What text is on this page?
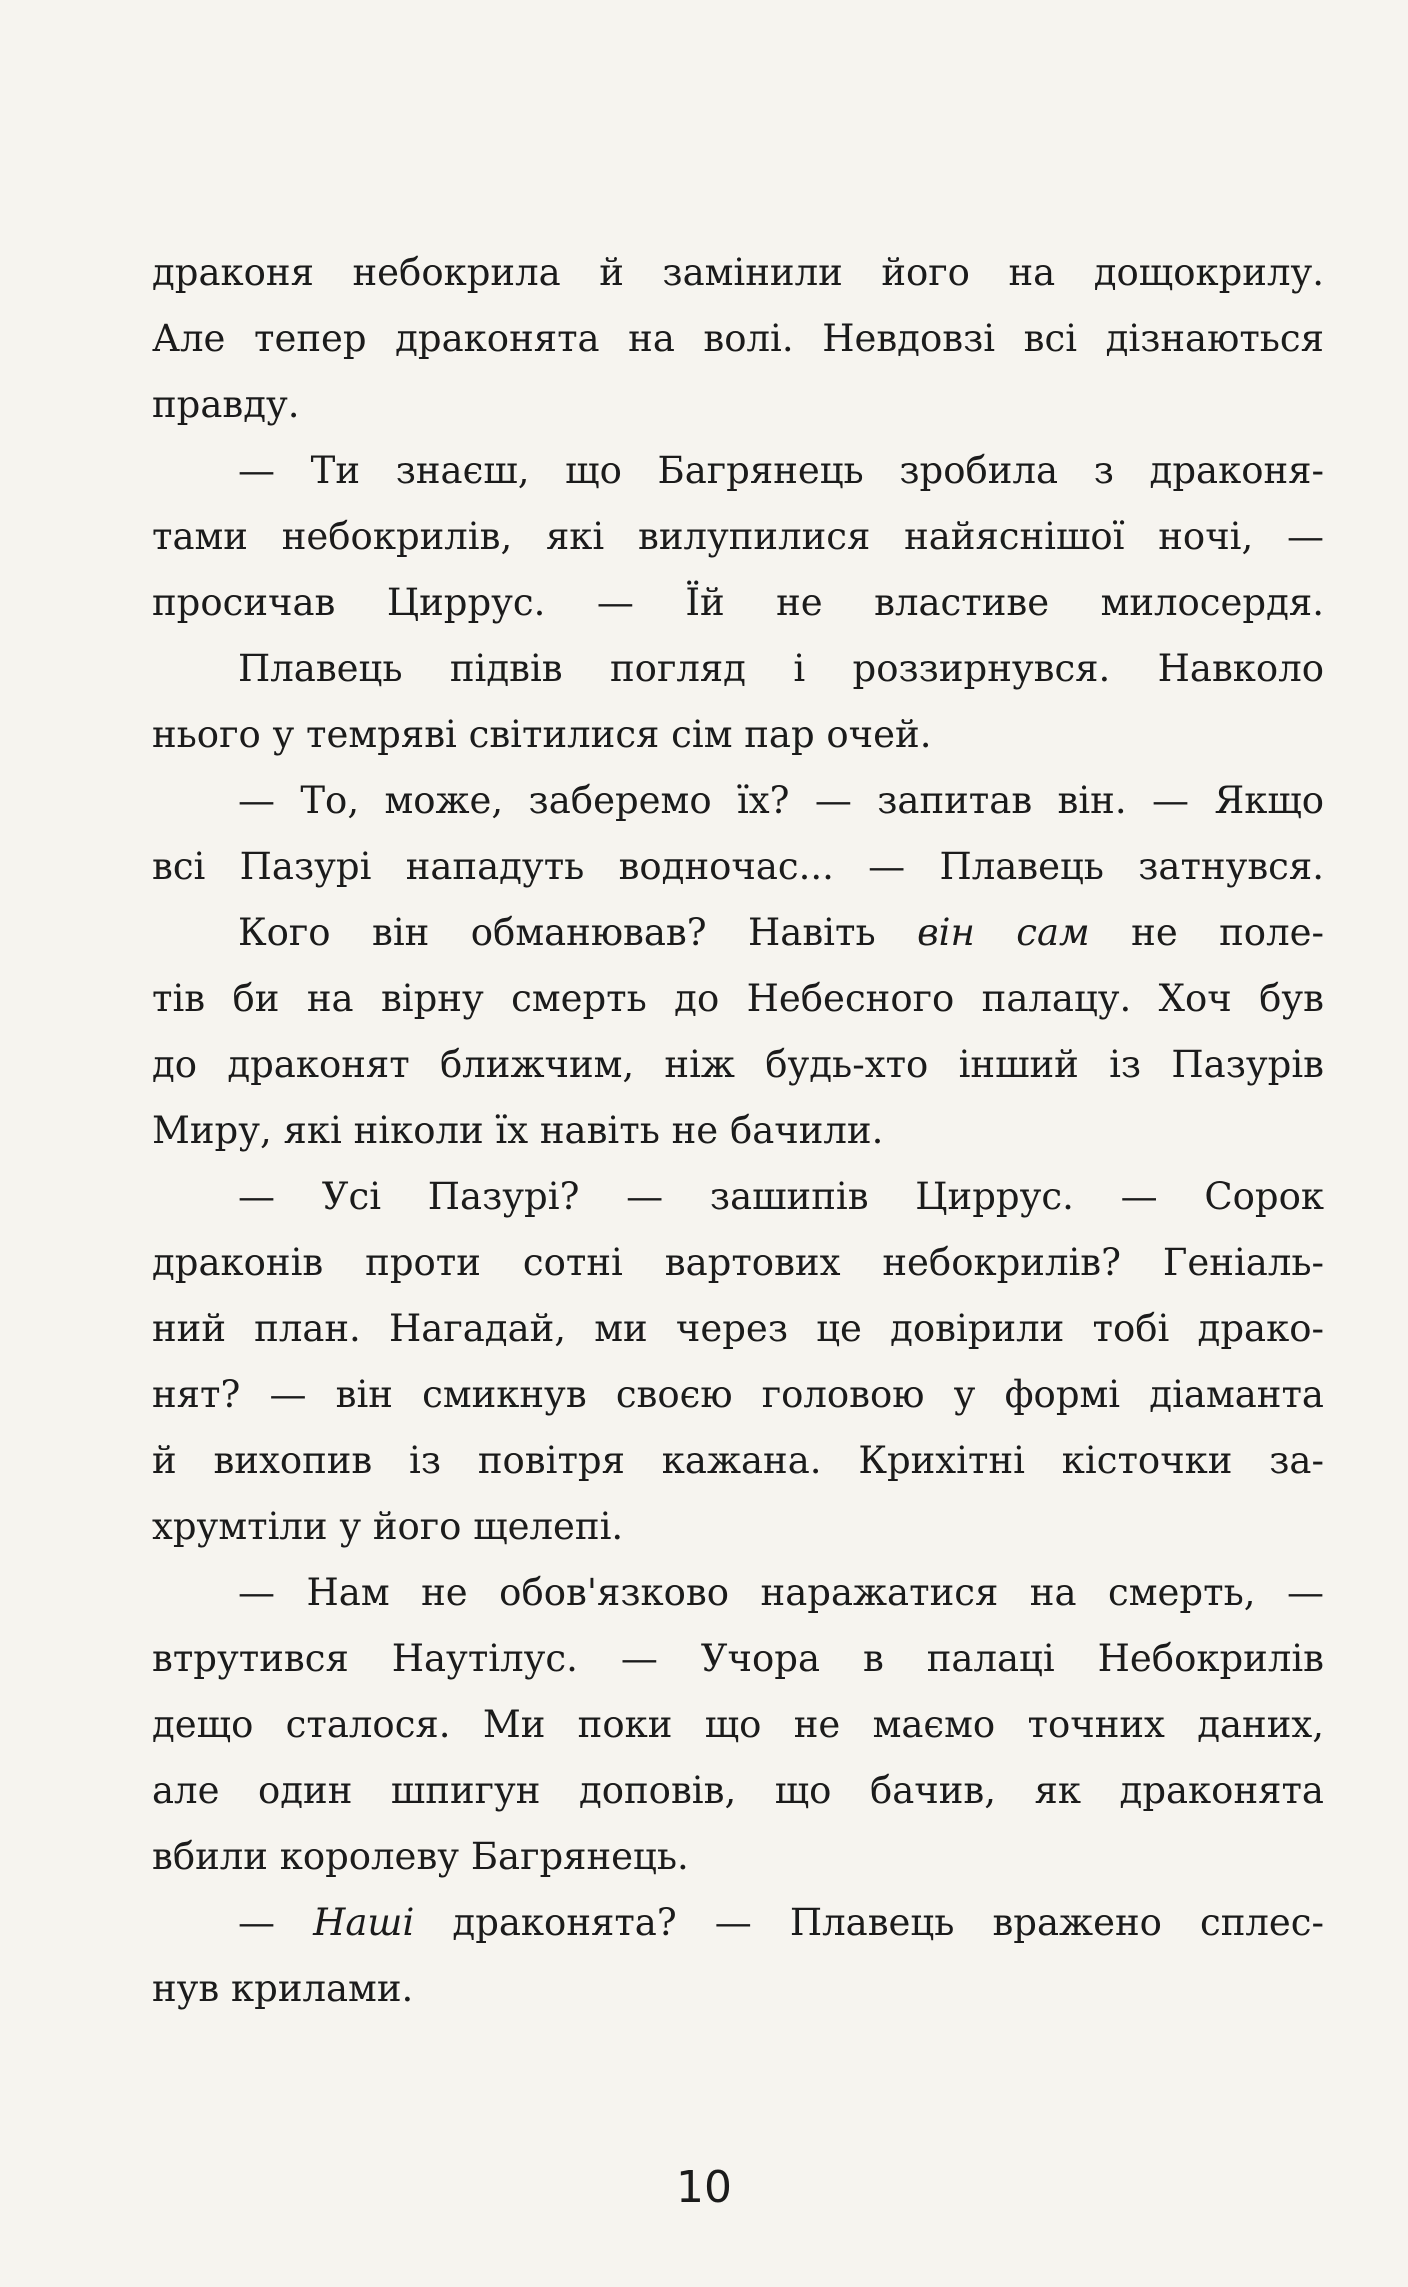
драконя небокрила й замінили його на дощокрилу.
Але тепер драконята на волі. Невдовзі всі дізнаються
правду.
— Ти знаєш, що Багрянець зробила з драконя-
тами небокрилів, які вилупилися найяснішої ночі, —
просичав Циррус. — Їй не властиве милосердя.
Плавець підвів погляд і роззирнувся. Навколо
нього у темряві світилися сім пар очей.
— То, може, заберемо їх? — запитав він. — Якщо
всі Пазурі нападуть водночас... — Плавець затнувся.
Кого він обманював? Навіть він сам не поле-
тів би на вірну смерть до Небесного палацу. Хоч був
до драконят ближчим, ніж будь-хто інший із Пазурів
Миру, які ніколи їх навіть не бачили.
— Усі Пазурі? — зашипів Циррус. — Сорок
драконів проти сотні вартових небокрилів? Геніаль-
ний план. Нагадай, ми через це довірили тобі драко-
нят? — він смикнув своєю головою у формі діаманта
й вихопив із повітря кажана. Крихітні кісточки за-
хрумтіли у його щелепі.
— Нам не обов'язково наражатися на смерть, —
втрутився Наутілус. — Учора в палаці Небокрилів
дещо сталося. Ми поки що не маємо точних даних,
але один шпигун доповів, що бачив, як драконята
вбили королеву Багрянець.
— Наші драконята? — Плавець вражено сплес-
нув крилами.
10
